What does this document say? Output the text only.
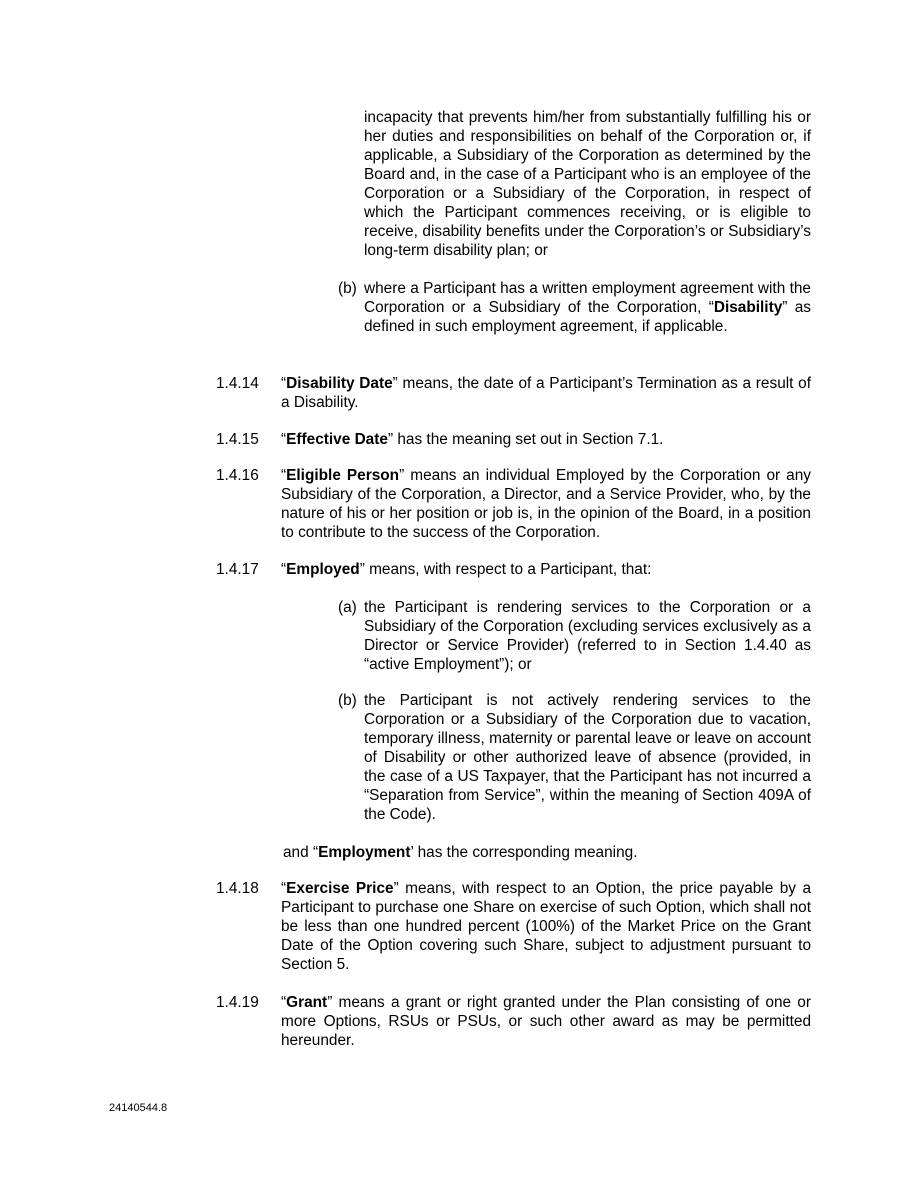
incapacity that prevents him/her from substantially fulfilling his or her duties and responsibilities on behalf of the Corporation or, if applicable, a Subsidiary of the Corporation as determined by the Board and, in the case of a Participant who is an employee of the Corporation or a Subsidiary of the Corporation, in respect of which the Participant commences receiving, or is eligible to receive, disability benefits under the Corporation’s or Subsidiary’s long-term disability plan; or

(b) where a Participant has a written employment agreement with the Corporation or a Subsidiary of the Corporation, “Disability” as defined in such employment agreement, if applicable.

1.4.14 “Disability Date” means, the date of a Participant’s Termination as a result of a Disability.

1.4.15 “Effective Date” has the meaning set out in Section 7.1.

1.4.16 “Eligible Person” means an individual Employed by the Corporation or any Subsidiary of the Corporation, a Director, and a Service Provider, who, by the nature of his or her position or job is, in the opinion of the Board, in a position to contribute to the success of the Corporation.

1.4.17 “Employed” means, with respect to a Participant, that:

(a) the Participant is rendering services to the Corporation or a Subsidiary of the Corporation (excluding services exclusively as a Director or Service Provider) (referred to in Section 1.4.40 as “active Employment”); or

(b) the Participant is not actively rendering services to the Corporation or a Subsidiary of the Corporation due to vacation, temporary illness, maternity or parental leave or leave on account of Disability or other authorized leave of absence (provided, in the case of a US Taxpayer, that the Participant has not incurred a “Separation from Service”, within the meaning of Section 409A of the Code).

and “Employment’ has the corresponding meaning.

1.4.18 “Exercise Price” means, with respect to an Option, the price payable by a Participant to purchase one Share on exercise of such Option, which shall not be less than one hundred percent (100%) of the Market Price on the Grant Date of the Option covering such Share, subject to adjustment pursuant to Section 5.

1.4.19 “Grant” means a grant or right granted under the Plan consisting of one or more Options, RSUs or PSUs, or such other award as may be permitted hereunder.

24140544.8
